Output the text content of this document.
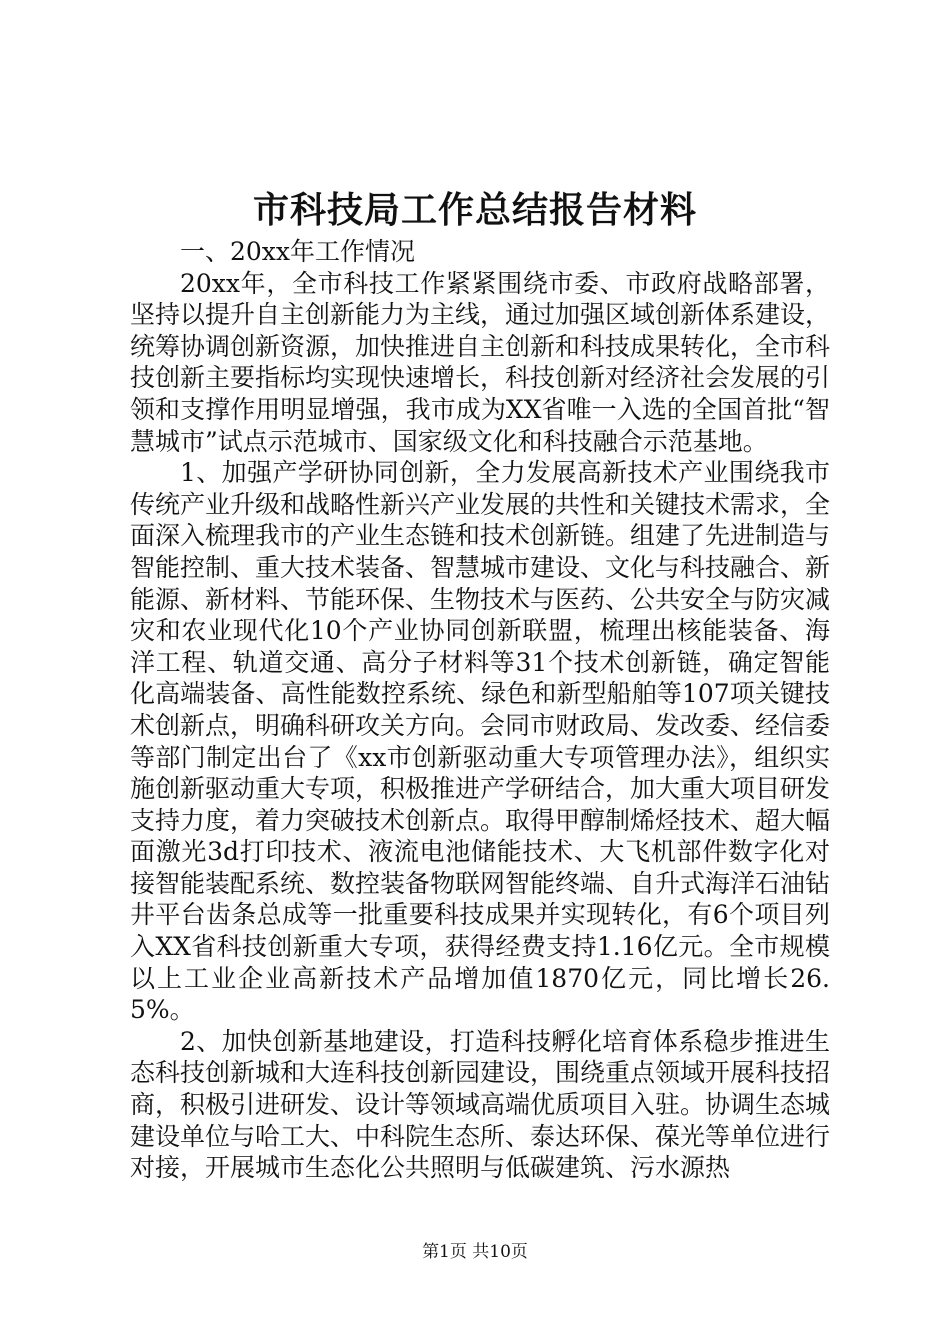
市科技局工作总结报告材料

一、20xx年工作情况

20xx年，全市科技工作紧紧围绕市委、市政府战略部署，坚持以提升自主创新能力为主线，通过加强区域创新体系建设，统筹协调创新资源，加快推进自主创新和科技成果转化，全市科技创新主要指标均实现快速增长，科技创新对经济社会发展的引领和支撑作用明显增强，我市成为XX省唯一入选的全国首批“智慧城市”试点示范城市、国家级文化和科技融合示范基地。

1、加强产学研协同创新，全力发展高新技术产业围绕我市传统产业升级和战略性新兴产业发展的共性和关键技术需求，全面深入梳理我市的产业生态链和技术创新链。组建了先进制造与智能控制、重大技术装备、智慧城市建设、文化与科技融合、新能源、新材料、节能环保、生物技术与医药、公共安全与防灾减灾和农业现代化10个产业协同创新联盟，梳理出核能装备、海洋工程、轨道交通、高分子材料等31个技术创新链，确定智能化高端装备、高性能数控系统、绿色和新型船舶等107项关键技术创新点，明确科研攻关方向。会同市财政局、发改委、经信委等部门制定出台了《xx市创新驱动重大专项管理办法》，组织实施创新驱动重大专项，积极推进产学研结合，加大重大项目研发支持力度，着力突破技术创新点。取得甲醇制烯烃技术、超大幅面激光3d打印技术、液流电池储能技术、大飞机部件数字化对接智能装配系统、数控装备物联网智能终端、自升式海洋石油钻井平台齿条总成等一批重要科技成果并实现转化，有6个项目列入XX省科技创新重大专项，获得经费支持1.16亿元。全市规模以上工业企业高新技术产品增加值1870亿元，同比增长26.5%。

2、加快创新基地建设，打造科技孵化培育体系稳步推进生态科技创新城和大连科技创新园建设，围绕重点领域开展科技招商，积极引进研发、设计等领域高端优质项目入驻。协调生态城建设单位与哈工大、中科院生态所、泰达环保、葆光等单位进行对接，开展城市生态化公共照明与低碳建筑、污水源热

第1页 共10页
